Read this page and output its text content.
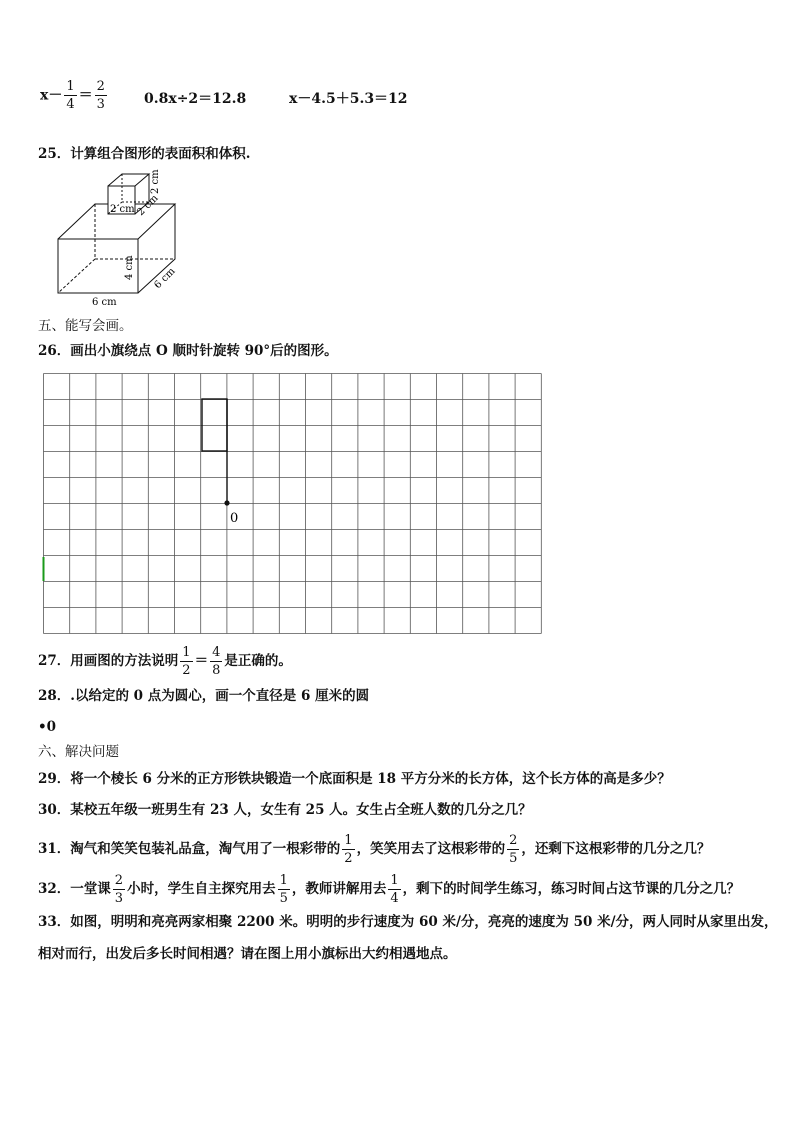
$x- \frac{1}{4} = \frac{2}{3}$	0.8x÷2＝12.8	x－4.5＋5.3＝12
25．计算组合图形的表面积和体积.
2 cm 2 cm
2 cm
4 cm 6 cm
6 cm
五、能写会画。
26．画出小旗绕点 O 顺时针旋转 90°后的图形。
0
27．用画图的方法说明 $\frac{1}{2} = \frac{4}{8}$ 是正确的。
28．.以给定的 0 点为圆心，画一个直径是 6 厘米的圆
•0
六、解决问题
29．将一个棱长 6 分米的正方形铁块锻造一个底面积是 18 平方分米的长方体，这个长方体的高是多少？
30．某校五年级一班男生有 23 人，女生有 25 人。女生占全班人数的几分之几？
31．淘气和笑笑包装礼品盒，淘气用了一根彩带的 $\frac{1}{2}$ ，笑笑用去了这根彩带的 $\frac{2}{5}$ ，还剩下这根彩带的几分之几？
32．一堂课 $\frac{2}{3}$ 小时，学生自主探究用去 $\frac{1}{5}$ ，教师讲解用去 $\frac{1}{4}$ ，剩下的时间学生练习，练习时间占这节课的几分之几？
33．如图，明明和亮亮两家相聚 2200 米。明明的步行速度为 60 米/分，亮亮的速度为 50 米/分，两人同时从家里出发，
相对而行，出发后多长时间相遇？请在图上用小旗标出大约相遇地点。
